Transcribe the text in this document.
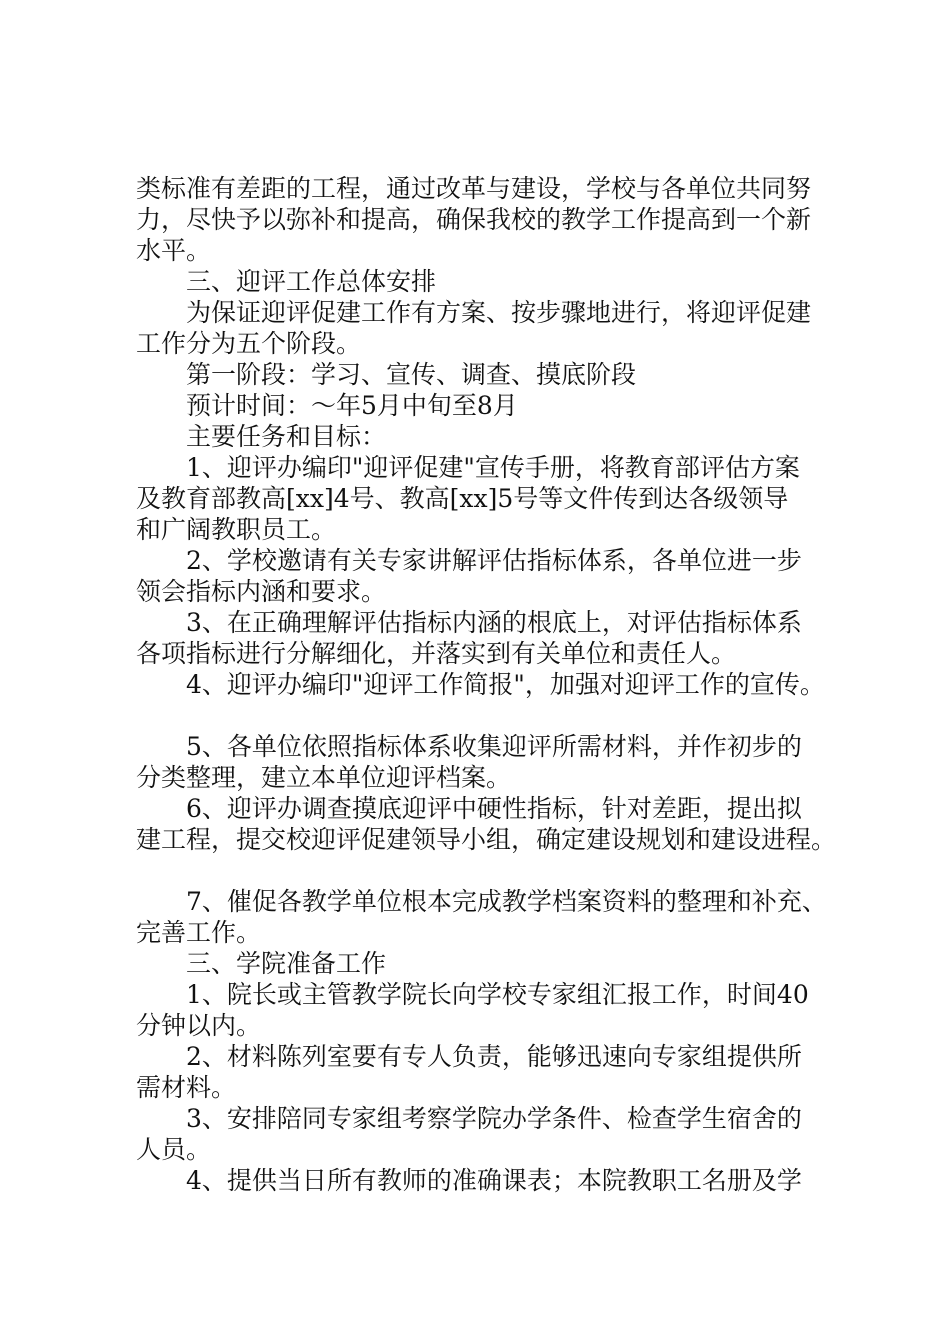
类标准有差距的工程，通过改革与建设，学校与各单位共同努

力，尽快予以弥补和提高，确保我校的教学工作提高到一个新

水平。

三、迎评工作总体安排

为保证迎评促建工作有方案、按步骤地进行，将迎评促建

工作分为五个阶段。

第一阶段：学习、宣传、调查、摸底阶段

预计时间：～年5月中旬至8月

主要任务和目标：

1、迎评办编印"迎评促建"宣传手册，将教育部评估方案

及教育部教高[xx]4号、教高[xx]5号等文件传到达各级领导

和广阔教职员工。

2、学校邀请有关专家讲解评估指标体系，各单位进一步

领会指标内涵和要求。

3、在正确理解评估指标内涵的根底上，对评估指标体系

各项指标进行分解细化，并落实到有关单位和责任人。

4、迎评办编印"迎评工作简报"，加强对迎评工作的宣传。

5、各单位依照指标体系收集迎评所需材料，并作初步的

分类整理，建立本单位迎评档案。

6、迎评办调查摸底迎评中硬性指标，针对差距，提出拟

建工程，提交校迎评促建领导小组，确定建设规划和建设进程。

7、催促各教学单位根本完成教学档案资料的整理和补充、

完善工作。

三、学院准备工作

1、院长或主管教学院长向学校专家组汇报工作，时间40

分钟以内。

2、材料陈列室要有专人负责，能够迅速向专家组提供所

需材料。

3、安排陪同专家组考察学院办学条件、检查学生宿舍的

人员。

4、提供当日所有教师的准确课表；本院教职工名册及学
